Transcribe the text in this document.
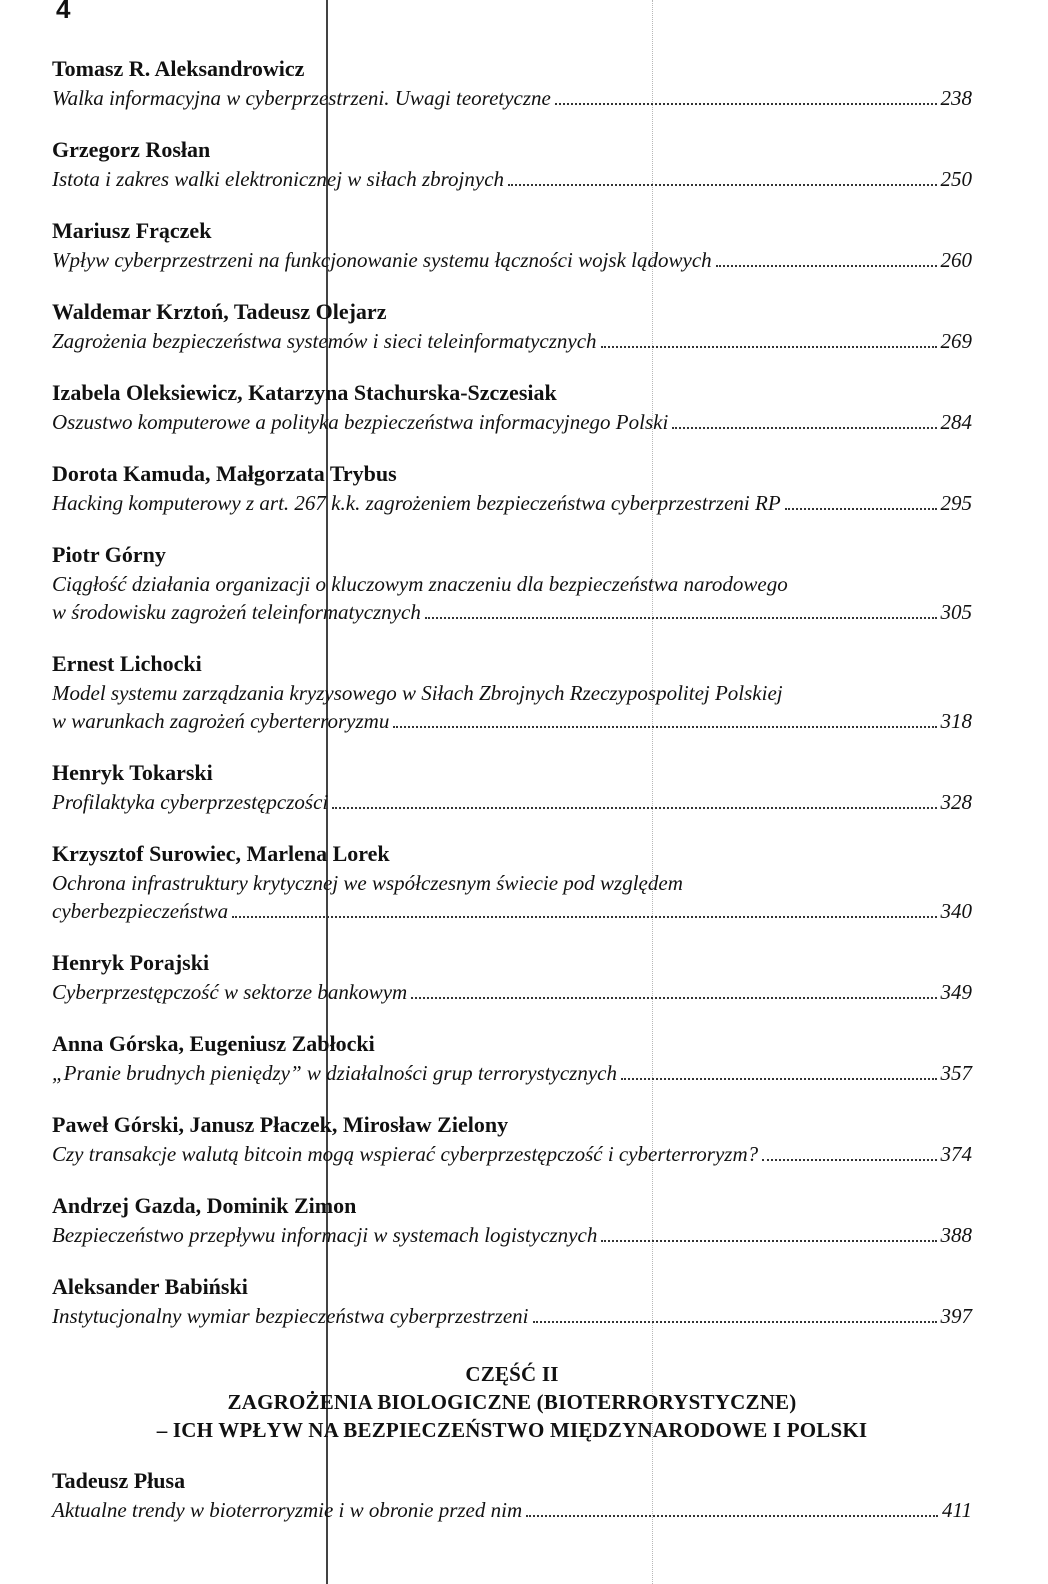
4
Tomasz R. Aleksandrowicz
Walka informacyjna w cyberprzestrzeni. Uwagi teoretyczne	238
Grzegorz Rosłan
Istota i zakres walki elektronicznej w siłach zbrojnych	250
Mariusz Frączek
Wpływ cyberprzestrzeni na funkcjonowanie systemu łączności wojsk lądowych	260
Waldemar Krztoń, Tadeusz Olejarz
Zagrożenia bezpieczeństwa systemów i sieci teleinformatycznych	269
Izabela Oleksiewicz, Katarzyna Stachurska-Szczesiak
Oszustwo komputerowe a polityka bezpieczeństwa informacyjnego Polski	284
Dorota Kamuda, Małgorzata Trybus
Hacking komputerowy z art. 267 k.k. zagrożeniem bezpieczeństwa cyberprzestrzeni RP	295
Piotr Górny
Ciągłość działania organizacji o kluczowym znaczeniu dla bezpieczeństwa narodowego
w środowisku zagrożeń teleinformatycznych	305
Ernest Lichocki
Model systemu zarządzania kryzysowego w Siłach Zbrojnych Rzeczypospolitej Polskiej
w warunkach zagrożeń cyberterroryzmu	318
Henryk Tokarski
Profilaktyka cyberprzestępczości	328
Krzysztof Surowiec, Marlena Lorek
Ochrona infrastruktury krytycznej we współczesnym świecie pod względem
cyberbezpieczeństwa	340
Henryk Porajski
Cyberprzestępczość w sektorze bankowym	349
Anna Górska, Eugeniusz Zabłocki
„Pranie brudnych pieniędzy” w działalności grup terrorystycznych	357
Paweł Górski, Janusz Płaczek, Mirosław Zielony
Czy transakcje walutą bitcoin mogą wspierać cyberprzestępczość i cyberterroryzm?	374
Andrzej Gazda, Dominik Zimon
Bezpieczeństwo przepływu informacji w systemach logistycznych	388
Aleksander Babiński
Instytucjonalny wymiar bezpieczeństwa cyberprzestrzeni	397
CZĘŚĆ II
ZAGROŻENIA BIOLOGICZNE (BIOTERRORYSTYCZNE)
– ICH WPŁYW NA BEZPIECZEŃSTWO MIĘDZYNARODOWE I POLSKI
Tadeusz Płusa
Aktualne trendy w bioterroryzmie i w obronie przed nim	411
